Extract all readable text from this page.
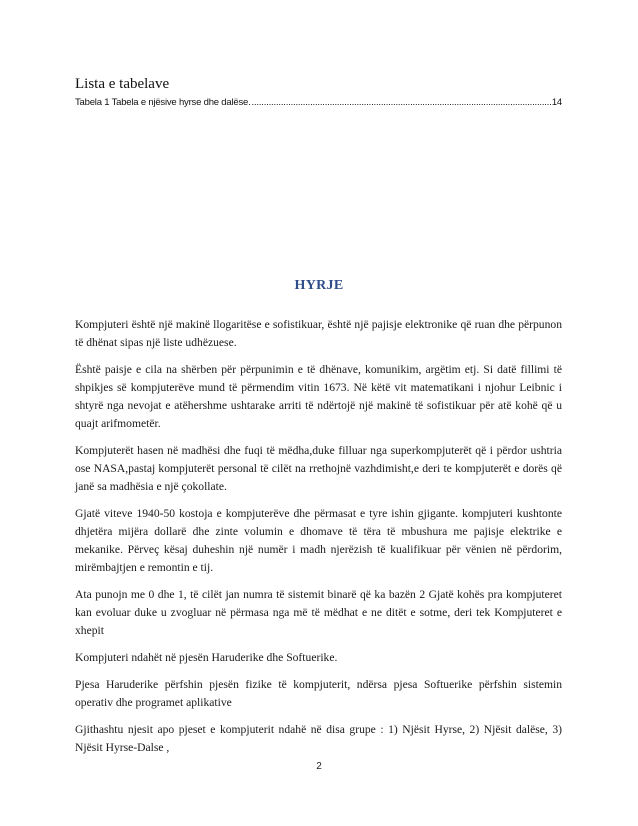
Lista e tabelave
Tabela 1 Tabela e njësive hyrse dhe dalëse.
.....	14
HYRJE

Kompjuteri është një makinë llogaritëse e sofistikuar, është një pajisje elektronike që ruan dhe përpunon të dhënat sipas një liste udhëzuese.

Është paisje e cila na shërben për përpunimin e të dhënave, komunikim, argëtim etj. Si datë fillimi të shpikjes së kompjuterëve mund të përmendim vitin 1673. Në këtë vit matematikani i njohur Leibnic i shtyrë nga nevojat e atëhershme ushtarake arriti të ndërtojë një makinë të sofistikuar për atë kohë që u quajt arifmometër.

Kompjuterët hasen në madhësi dhe fuqi të mëdha,duke filluar nga superkompjuterët që i përdor ushtria ose NASA,pastaj kompjuterët personal të cilët na rrethojnë vazhdimisht,e deri te kompjuterët e dorës që janë sa madhësia e një çokollate.

Gjatë viteve 1940-50 kostoja e kompjuterëve dhe përmasat e tyre ishin gjigante. kompjuteri kushtonte dhjetëra mijëra dollarë dhe zinte volumin e dhomave të tëra të mbushura me pajisje elektrike e mekanike. Përveç kësaj duheshin një numër i madh njerëzish të kualifikuar për vënien në përdorim, mirëmbajtjen e remontin e tij.

Ata punojn me 0 dhe 1, të cilët jan numra të sistemit binarë që ka bazën 2 Gjatë kohës pra kompjuteret kan evoluar duke u zvogluar në përmasa nga më të mëdhat e ne ditët e sotme, deri tek Kompjuteret e xhepit

Kompjuteri ndahët në pjesën Haruderike dhe Softuerike.

Pjesa Haruderike përfshin pjesën fizike të kompjuterit, ndërsa pjesa Softuerike përfshin sistemin operativ dhe programet aplikative

Gjithashtu njesit apo pjeset e kompjuterit ndahë në disa grupe : 1) Njësit Hyrse, 2) Njësit dalëse, 3) Njësit Hyrse-Dalse ,

2
